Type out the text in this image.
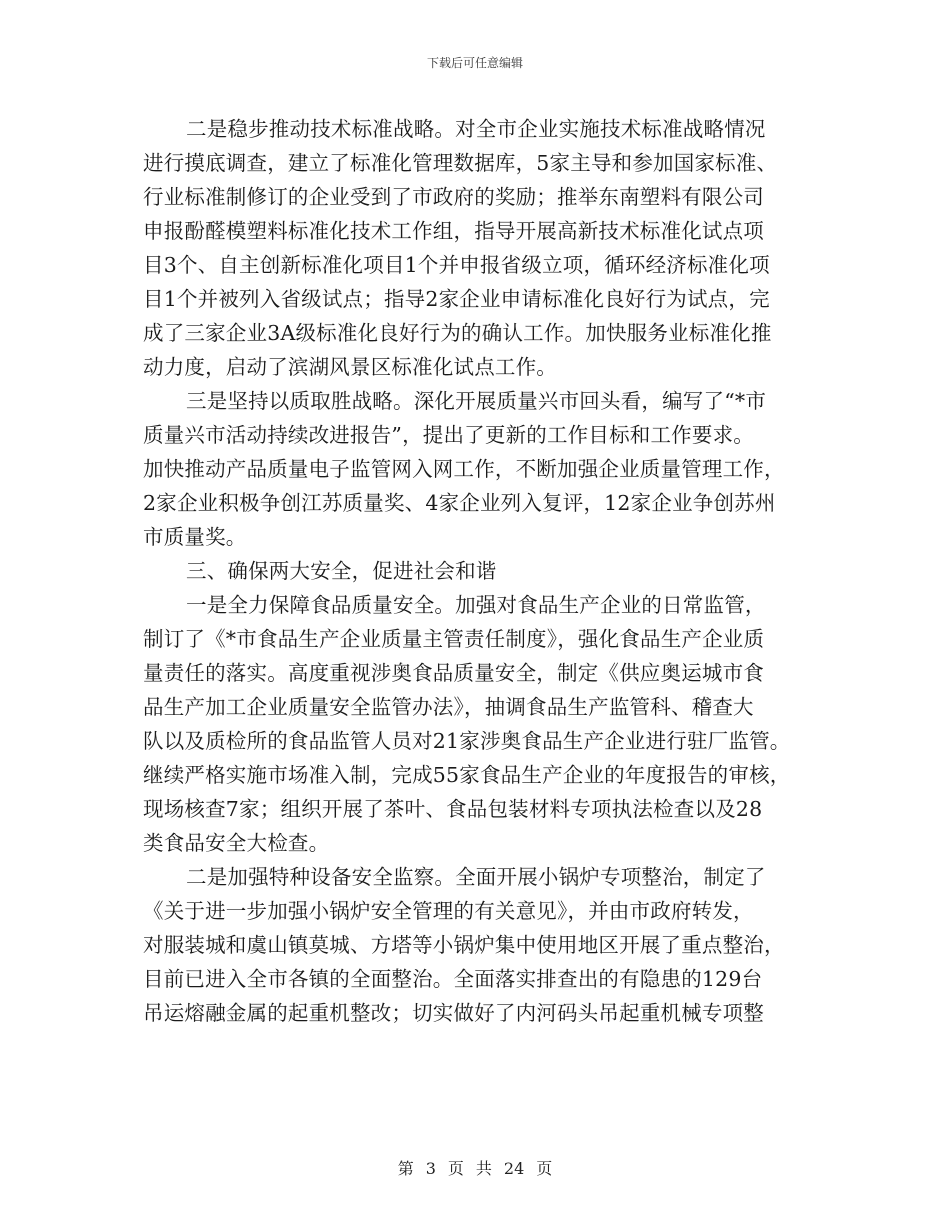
下载后可任意编辑
二是稳步推动技术标准战略。对全市企业实施技术标准战略情况
进行摸底调查，建立了标准化管理数据库，5家主导和参加国家标准、
行业标准制修订的企业受到了市政府的奖励；推举东南塑料有限公司
申报酚醛模塑料标准化技术工作组，指导开展高新技术标准化试点项
目3个、自主创新标准化项目1个并申报省级立项，循环经济标准化项
目1个并被列入省级试点；指导2家企业申请标准化良好行为试点，完
成了三家企业3A级标准化良好行为的确认工作。加快服务业标准化推
动力度，启动了滨湖风景区标准化试点工作。
三是坚持以质取胜战略。深化开展质量兴市回头看，编写了“*市
质量兴市活动持续改进报告”，提出了更新的工作目标和工作要求。
加快推动产品质量电子监管网入网工作，不断加强企业质量管理工作，
2家企业积极争创江苏质量奖、4家企业列入复评，12家企业争创苏州
市质量奖。
三、确保两大安全，促进社会和谐
一是全力保障食品质量安全。加强对食品生产企业的日常监管，
制订了《*市食品生产企业质量主管责任制度》，强化食品生产企业质
量责任的落实。高度重视涉奥食品质量安全，制定《供应奥运城市食
品生产加工企业质量安全监管办法》，抽调食品生产监管科、稽查大
队以及质检所的食品监管人员对21家涉奥食品生产企业进行驻厂监管。
继续严格实施市场准入制，完成55家食品生产企业的年度报告的审核，
现场核查7家；组织开展了茶叶、食品包装材料专项执法检查以及28
类食品安全大检查。
二是加强特种设备安全监察。全面开展小锅炉专项整治，制定了
《关于进一步加强小锅炉安全管理的有关意见》，并由市政府转发，
对服装城和虞山镇莫城、方塔等小锅炉集中使用地区开展了重点整治，
目前已进入全市各镇的全面整治。全面落实排查出的有隐患的129台
吊运熔融金属的起重机整改；切实做好了内河码头吊起重机械专项整
第 3 页 共 24 页
